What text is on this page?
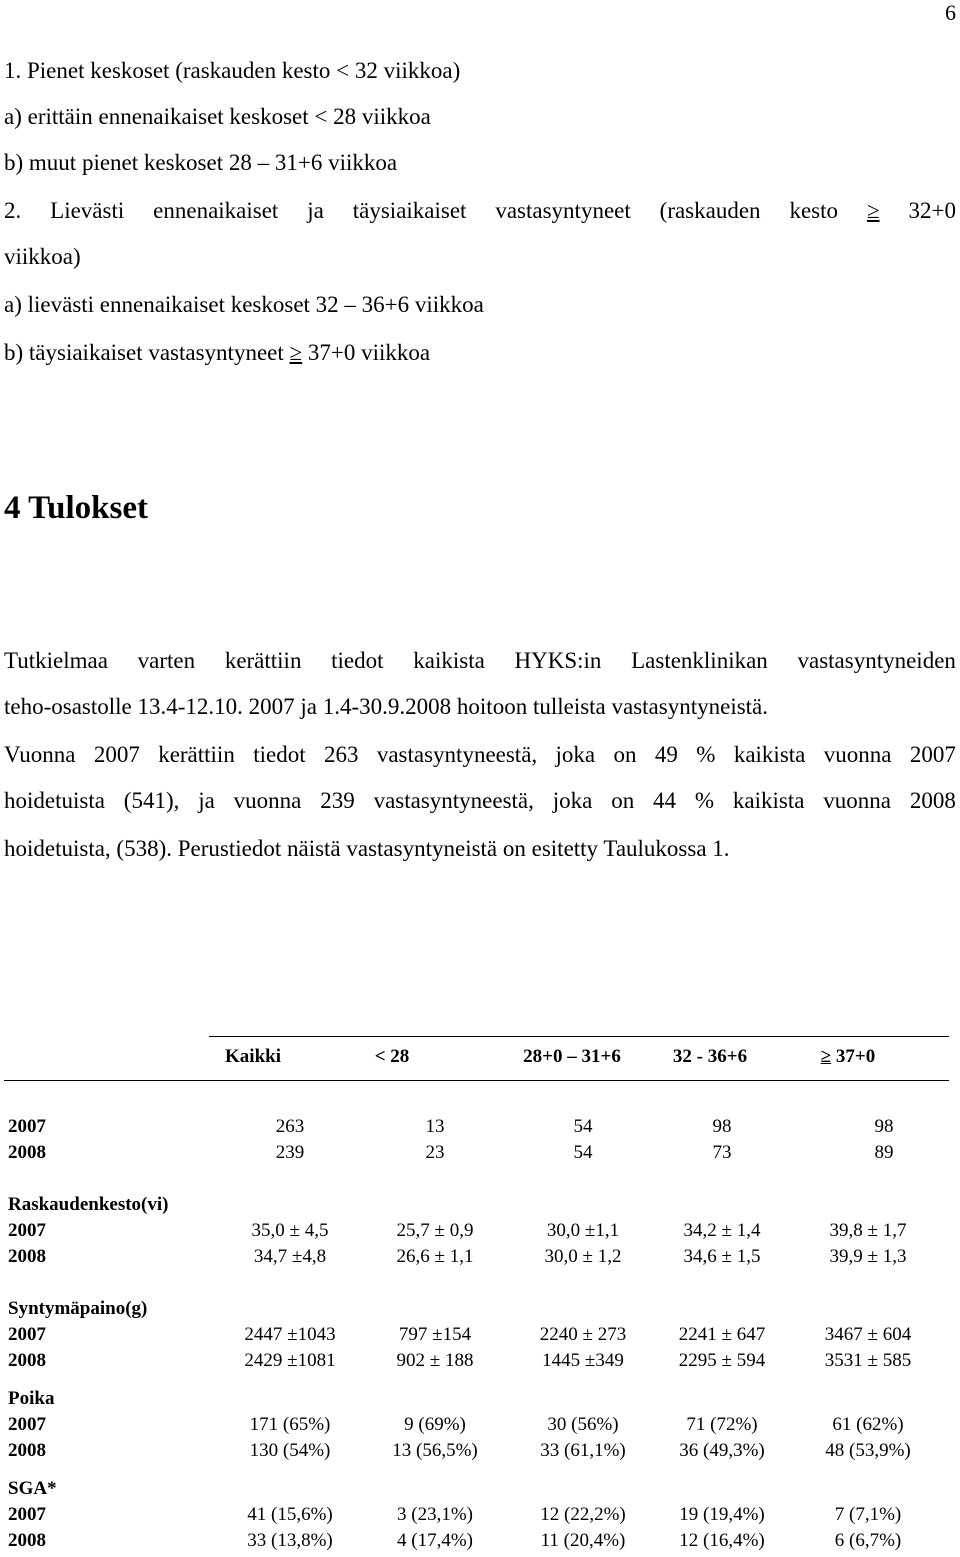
6
1. Pienet keskoset (raskauden kesto < 32 viikkoa)
a) erittäin ennenaikaiset keskoset < 28 viikkoa
b) muut pienet keskoset 28 – 31+6 viikkoa
2. Lievästi ennenaikaiset ja täysiaikaiset vastasyntyneet (raskauden kesto ≥ 32+0
viikkoa)
a) lievästi ennenaikaiset keskoset 32 – 36+6 viikkoa
b) täysiaikaiset vastasyntyneet ≥ 37+0 viikkoa
4 Tulokset
Tutkielmaa varten kerättiin tiedot kaikista HYKS:in Lastenklinikan vastasyntyneiden
teho-osastolle 13.4-12.10. 2007 ja 1.4-30.9.2008 hoitoon tulleista vastasyntyneistä.
Vuonna 2007 kerättiin tiedot 263 vastasyntyneestä, joka on 49 % kaikista vuonna 2007
hoidetuista (541), ja vuonna 239 vastasyntyneestä, joka on 44 % kaikista vuonna 2008
hoidetuista, (538). Perustiedot näistä vastasyntyneistä on esitetty Taulukossa 1.
Kaikki	< 28	28+0 – 31+6	32 - 36+6	≥ 37+0
2007	263	13	54	98	98
2008	239	23	54	73	89
Raskaudenkesto(vi)
2007	35,0 ± 4,5	25,7 ± 0,9	30,0 ±1,1	34,2 ± 1,4	39,8 ± 1,7
2008	34,7 ±4,8	26,6 ± 1,1	30,0 ± 1,2	34,6 ± 1,5	39,9 ± 1,3
Syntymäpaino(g)
2007	2447 ±1043	797 ±154	2240 ± 273	2241 ± 647	3467 ± 604
2008	2429 ±1081	902 ± 188	1445 ±349	2295 ± 594	3531 ± 585
Poika
2007	171 (65%)	9 (69%)	30 (56%)	71 (72%)	61 (62%)
2008	130 (54%)	13 (56,5%)	33 (61,1%)	36 (49,3%)	48 (53,9%)
SGA*
2007	41 (15,6%)	3 (23,1%)	12 (22,2%)	19 (19,4%)	7 (7,1%)
2008	33 (13,8%)	4 (17,4%)	11 (20,4%)	12 (16,4%)	6 (6,7%)
